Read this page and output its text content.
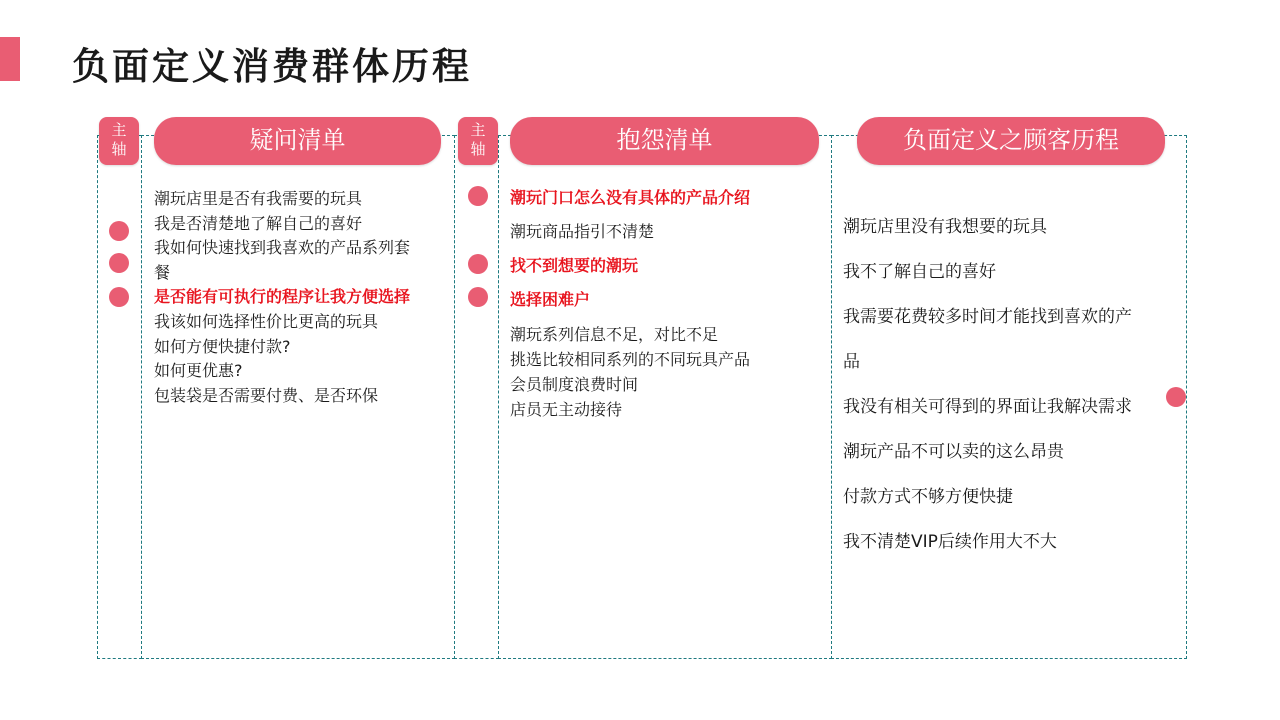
负面定义消费群体历程
主
轴
主
轴
疑问清单	抱怨清单	负面定义之顾客历程
潮玩店里是否有我需要的玩具
我是否清楚地了解自己的喜好
我如何快速找到我喜欢的产品系列套
餐
是否能有可执行的程序让我方便选择
我该如何选择性价比更高的玩具
如何方便快捷付款?
如何更优惠?
包装袋是否需要付费、是否环保
潮玩门口怎么没有具体的产品介绍
潮玩商品指引不清楚
找不到想要的潮玩
选择困难户
潮玩系列信息不足，对比不足
挑选比较相同系列的不同玩具产品
会员制度浪费时间
店员无主动接待
潮玩店里没有我想要的玩具
我不了解自己的喜好
我需要花费较多时间才能找到喜欢的产
品
我没有相关可得到的界面让我解决需求
潮玩产品不可以卖的这么昂贵
付款方式不够方便快捷
我不清楚VIP后续作用大不大
